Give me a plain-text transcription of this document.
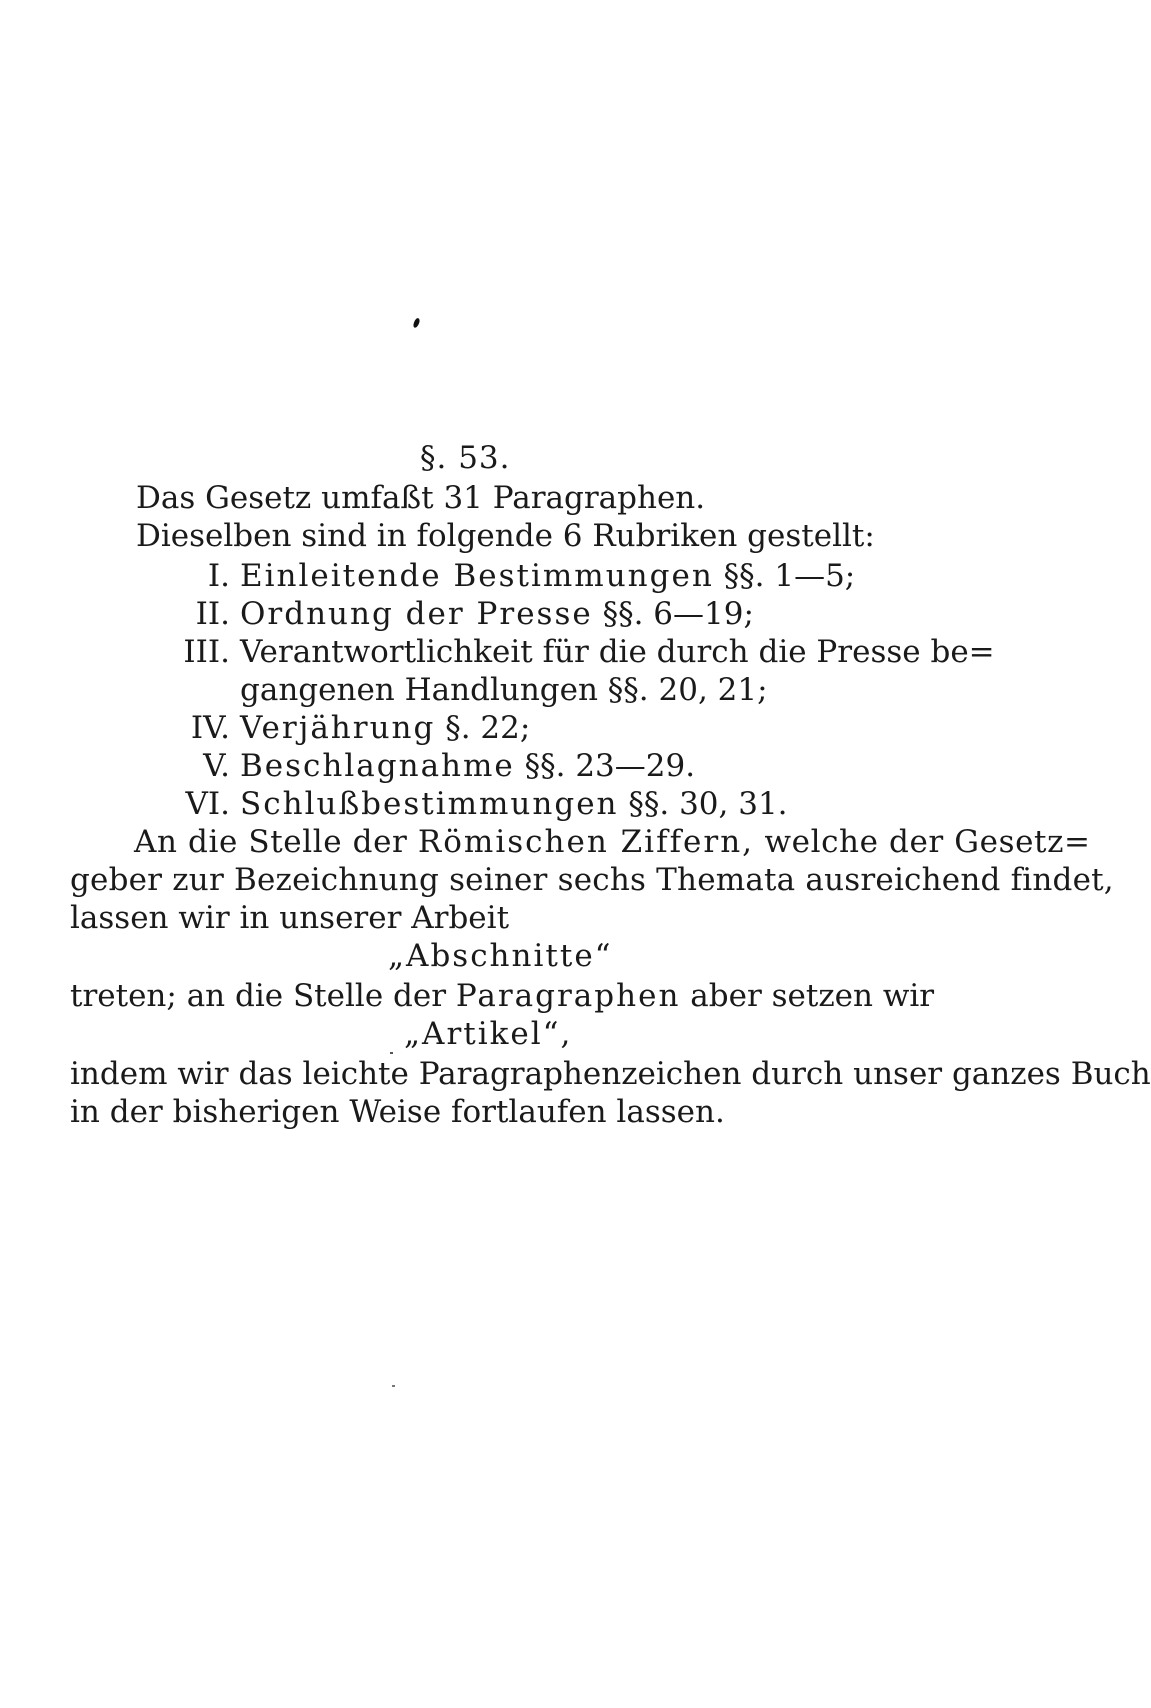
§. 53.
Das Gesetz umfaßt 31 Paragraphen.
Dieselben sind in folgende 6 Rubriken gestellt:
I. Einleitende Bestimmungen §§. 1—5;
II. Ordnung der Presse §§. 6—19;
III. Verantwortlichkeit für die durch die Presse be=
gangenen Handlungen §§. 20, 21;
IV. Verjährung §. 22;
V. Beschlagnahme §§. 23—29.
VI. Schlußbestimmungen §§. 30, 31.
An die Stelle der Römischen Ziffern, welche der Gesetz=
geber zur Bezeichnung seiner sechs Themata ausreichend findet,
lassen wir in unserer Arbeit
„Abschnitte“
treten; an die Stelle der Paragraphen aber setzen wir
„Artikel“,
indem wir das leichte Paragraphenzeichen durch unser ganzes Buch
in der bisherigen Weise fortlaufen lassen.
